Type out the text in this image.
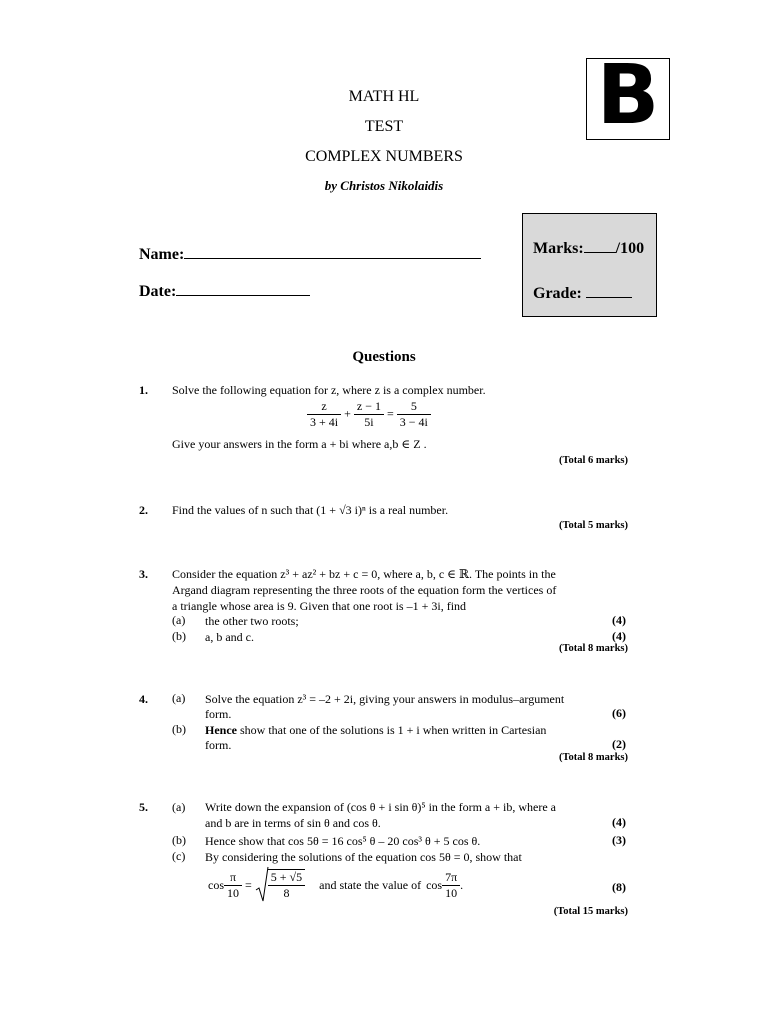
MATH HL
TEST
COMPLEX NUMBERS
by Christos Nikolaidis
B
Name:
Date:
Marks: /100
Grade:
Questions
1. Solve the following equation for z, where z is a complex number.
$\frac{z}{3 + 4i} + \frac{z - 1}{5i} = \frac{5}{3 - 4i}$
Give your answers in the form a + bi where a,b ∈ Z .
(Total 6 marks)
2. Find the values of n such that (1 + √3 i)ⁿ is a real number.
(Total 5 marks)
3. Consider the equation z³ + az² + bz + c = 0, where a, b, c ∈ ℝ. The points in the
Argand diagram representing the three roots of the equation form the vertices of
a triangle whose area is 9. Given that one root is –1 + 3i, find
(a) the other two roots;	(4)
(b) a, b and c.	(4)
(Total 8 marks)
4. (a) Solve the equation z³ = –2 + 2i, giving your answers in modulus–argument
form.	(6)
(b) Hence show that one of the solutions is 1 + i when written in Cartesian
form.	(2)
(Total 8 marks)
5. (a) Write down the expansion of (cos θ + i sin θ)⁵ in the form a + ib, where a
and b are in terms of sin θ and cos θ.	(4)
(b) Hence show that cos 5θ = 16 cos⁵ θ – 20 cos³ θ + 5 cos θ.	(3)
(c) By considering the solutions of the equation cos 5θ = 0, show that
$\cos \frac{\pi}{10} = \frac{5 + √5}{8}$ and state the value of $\cos \frac{7\pi}{10}$ .	(8)
(Total 15 marks)
